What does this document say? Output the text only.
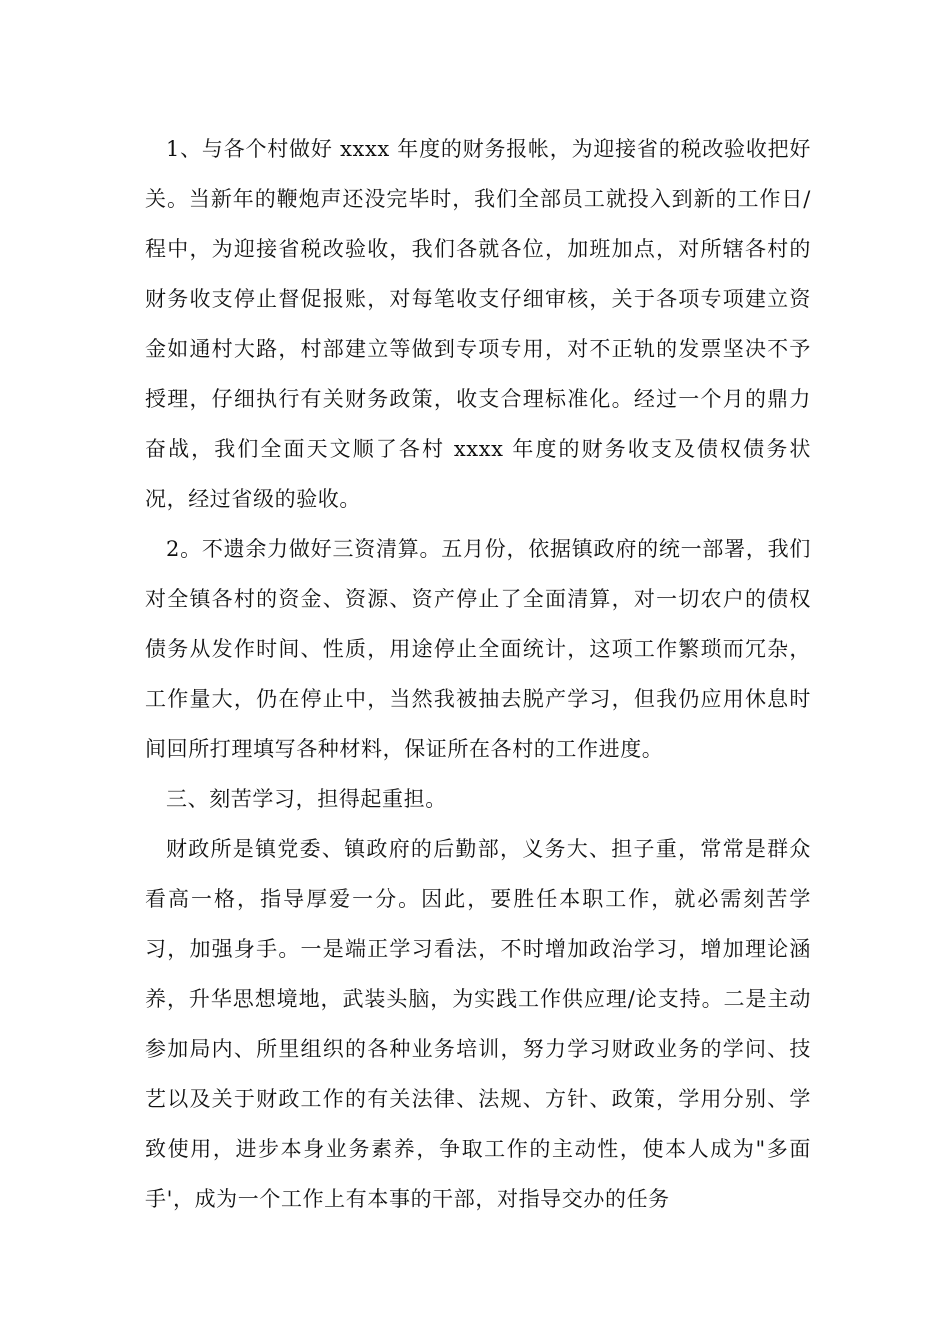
1、与各个村做好 xxxx 年度的财务报帐，为迎接省的税改验收把好关。当新年的鞭炮声还没完毕时，我们全部员工就投入到新的工作日/程中，为迎接省税改验收，我们各就各位，加班加点，对所辖各村的财务收支停止督促报账，对每笔收支仔细审核，关于各项专项建立资金如通村大路，村部建立等做到专项专用，对不正轨的发票坚决不予授理，仔细执行有关财务政策，收支合理标准化。经过一个月的鼎力奋战，我们全面天文顺了各村 xxxx 年度的财务收支及债权债务状况，经过省级的验收。

2。不遗余力做好三资清算。五月份，依据镇政府的统一部署，我们对全镇各村的资金、资源、资产停止了全面清算，对一切农户的债权债务从发作时间、性质，用途停止全面统计，这项工作繁琐而冗杂，工作量大，仍在停止中，当然我被抽去脱产学习，但我仍应用休息时间回所打理填写各种材料，保证所在各村的工作进度。

三、刻苦学习，担得起重担。

财政所是镇党委、镇政府的后勤部，义务大、担子重，常常是群众看高一格，指导厚爱一分。因此，要胜任本职工作，就必需刻苦学习，加强身手。一是端正学习看法，不时增加政治学习，增加理论涵养，升华思想境地，武装头脑，为实践工作供应理/论支持。二是主动参加局内、所里组织的各种业务培训，努力学习财政业务的学问、技艺以及关于财政工作的有关法律、法规、方针、政策，学用分别、学致使用，进步本身业务素养，争取工作的主动性，使本人成为"多面手'，成为一个工作上有本事的干部，对指导交办的任务
